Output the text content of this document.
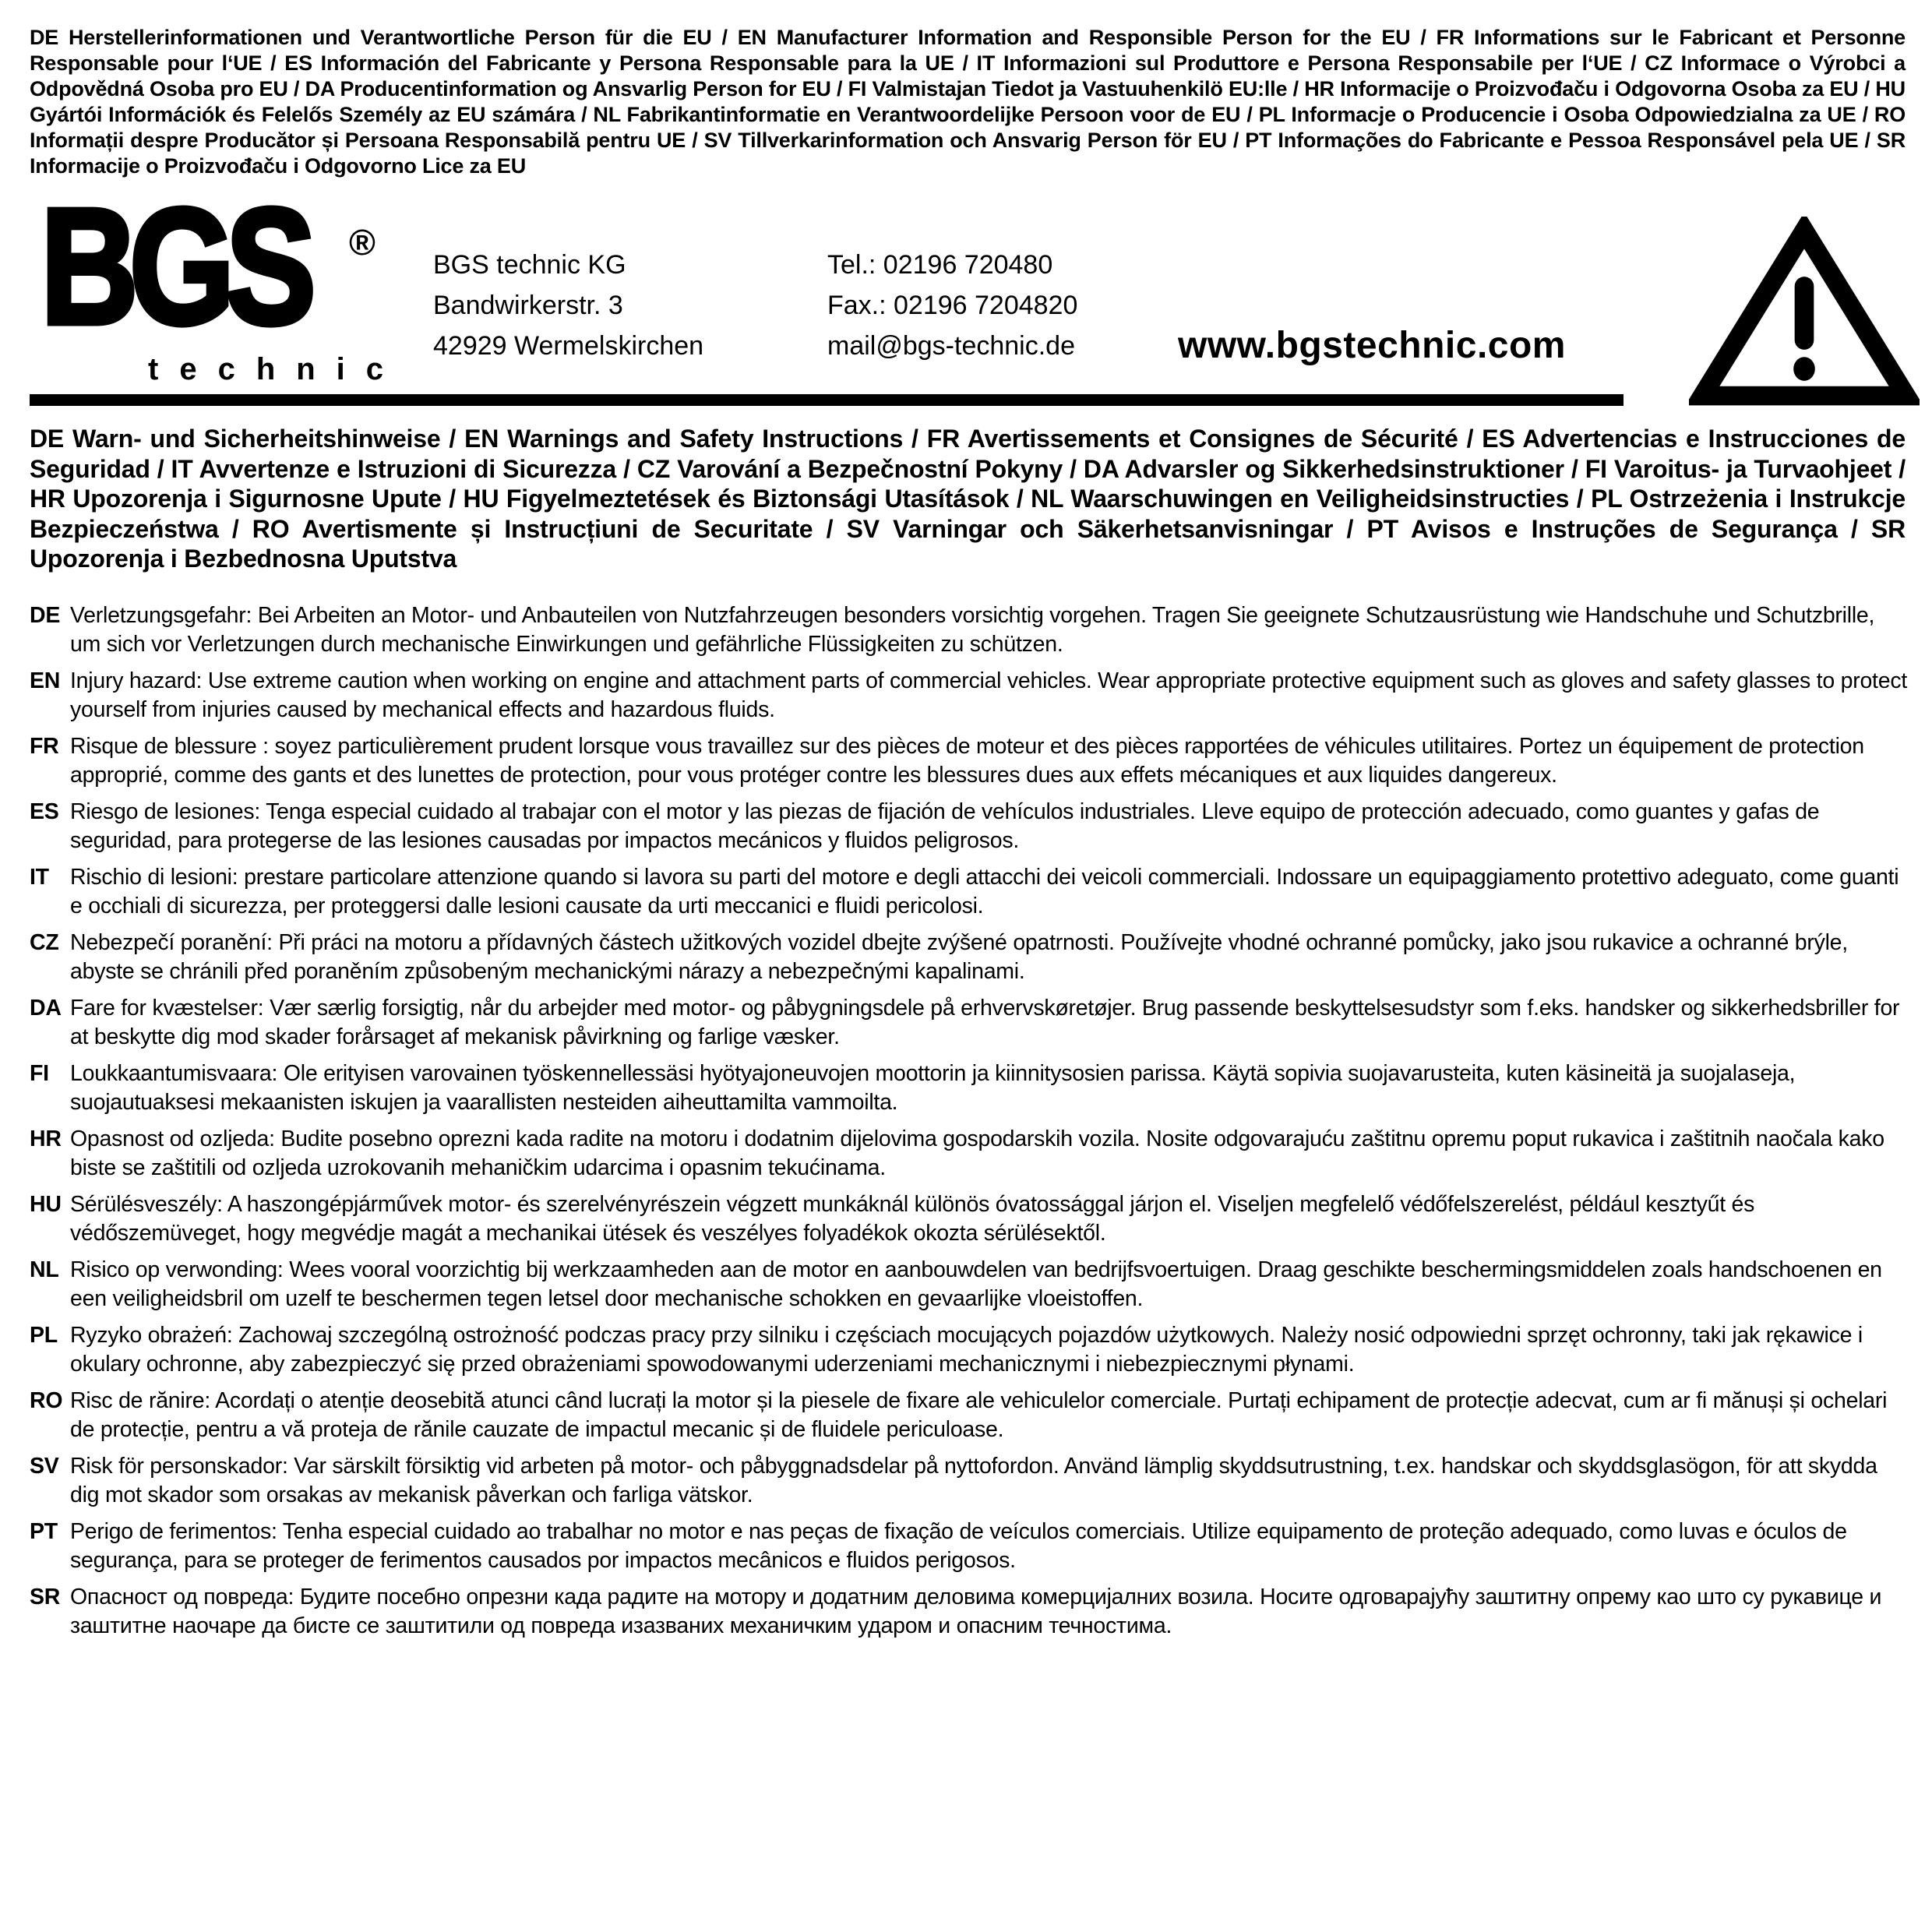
DE Herstellerinformationen und Verantwortliche Person für die EU / EN Manufacturer Information and Responsible Person for the EU / FR Informations sur le Fabricant et Personne Responsable pour l‘UE / ES Información del Fabricante y Persona Responsable para la UE / IT Informazioni sul Produttore e Persona Responsabile per l‘UE / CZ Informace o Výrobci a Odpovědná Osoba pro EU / DA Producentinformation og Ansvarlig Person for EU / FI Valmistajan Tiedot ja Vastuuhenkilö EU:lle / HR Informacije o Proizvođaču i Odgovorna Osoba za EU / HU Gyártói Információk és Felelős Személy az EU számára / NL Fabrikantinformatie en Verantwoordelijke Persoon voor de EU / PL Informacje o Producencie i Osoba Odpowiedzialna za UE / RO Informații despre Producător și Persoana Responsabilă pentru UE / SV Tillverkarinformation och Ansvarig Person för EU / PT Informações do Fabricante e Pessoa Responsável pela UE / SR Informacije o Proizvođaču i Odgovorno Lice za EU
BGS ®
technic
BGS technic KG
Bandwirkerstr. 3
42929 Wermelskirchen
Tel.: 02196 720480
Fax.: 02196 7204820
mail@bgs-technic.de	www.bgstechnic.com
DE Warn- und Sicherheitshinweise / EN Warnings and Safety Instructions / FR Avertissements et Consignes de Sécurité / ES Advertencias e Instrucciones de Seguridad / IT Avvertenze e Istruzioni di Sicurezza / CZ Varování a Bezpečnostní Pokyny / DA Advarsler og Sikkerhedsinstruktioner / FI Varoitus- ja Turvaohjeet / HR Upozorenja i Sigurnosne Upute / HU Figyelmeztetések és Biztonsági Utasítások / NL Waarschuwingen en Veiligheidsinstructies / PL Ostrzeżenia i Instrukcje Bezpieczeństwa / RO Avertismente și Instrucțiuni de Securitate / SV Varningar och Säkerhetsanvisningar / PT Avisos e Instruções de Segurança / SR Upozorenja i Bezbednosna Uputstva
DE Verletzungsgefahr: Bei Arbeiten an Motor- und Anbauteilen von Nutzfahrzeugen besonders vorsichtig vorgehen. Tragen Sie geeignete Schutzausrüstung wie Handschuhe und Schutzbrille, um sich vor Verletzungen durch mechanische Einwirkungen und gefährliche Flüssigkeiten zu schützen.
EN Injury hazard: Use extreme caution when working on engine and attachment parts of commercial vehicles. Wear appropriate protective equipment such as gloves and safety glasses to protect yourself from injuries caused by mechanical effects and hazardous fluids.
FR Risque de blessure : soyez particulièrement prudent lorsque vous travaillez sur des pièces de moteur et des pièces rapportées de véhicules utilitaires. Portez un équipement de protection approprié, comme des gants et des lunettes de protection, pour vous protéger contre les blessures dues aux effets mécaniques et aux liquides dangereux.
ES Riesgo de lesiones: Tenga especial cuidado al trabajar con el motor y las piezas de fijación de vehículos industriales. Lleve equipo de protección adecuado, como guantes y gafas de seguridad, para protegerse de las lesiones causadas por impactos mecánicos y fluidos peligrosos.
IT Rischio di lesioni: prestare particolare attenzione quando si lavora su parti del motore e degli attacchi dei veicoli commerciali. Indossare un equipaggiamento protettivo adeguato, come guanti e occhiali di sicurezza, per proteggersi dalle lesioni causate da urti meccanici e fluidi pericolosi.
CZ Nebezpečí poranění: Při práci na motoru a přídavných částech užitkových vozidel dbejte zvýšené opatrnosti. Používejte vhodné ochranné pomůcky, jako jsou rukavice a ochranné brýle, abyste se chránili před poraněním způsobeným mechanickými nárazy a nebezpečnými kapalinami.
DA Fare for kvæstelser: Vær særlig forsigtig, når du arbejder med motor- og påbygningsdele på erhvervskøretøjer. Brug passende beskyttelsesudstyr som f.eks. handsker og sikkerhedsbriller for at beskytte dig mod skader forårsaget af mekanisk påvirkning og farlige væsker.
FI Loukkaantumisvaara: Ole erityisen varovainen työskennellessäsi hyötyajoneuvojen moottorin ja kiinnitysosien parissa. Käytä sopivia suojavarusteita, kuten käsineitä ja suojalaseja, suojautuaksesi mekaanisten iskujen ja vaarallisten nesteiden aiheuttamilta vammoilta.
HR Opasnost od ozljeda: Budite posebno oprezni kada radite na motoru i dodatnim dijelovima gospodarskih vozila. Nosite odgovarajuću zaštitnu opremu poput rukavica i zaštitnih naočala kako biste se zaštitili od ozljeda uzrokovanih mehaničkim udarcima i opasnim tekućinama.
HU Sérülésveszély: A haszongépjárművek motor- és szerelvényrészein végzett munkáknál különös óvatossággal járjon el. Viseljen megfelelő védőfelszerelést, például kesztyűt és védőszemüveget, hogy megvédje magát a mechanikai ütések és veszélyes folyadékok okozta sérülésektől.
NL Risico op verwonding: Wees vooral voorzichtig bij werkzaamheden aan de motor en aanbouwdelen van bedrijfsvoertuigen. Draag geschikte beschermingsmiddelen zoals handschoenen en een veiligheidsbril om uzelf te beschermen tegen letsel door mechanische schokken en gevaarlijke vloeistoffen.
PL Ryzyko obrażeń: Zachowaj szczególną ostrożność podczas pracy przy silniku i częściach mocujących pojazdów użytkowych. Należy nosić odpowiedni sprzęt ochronny, taki jak rękawice i okulary ochronne, aby zabezpieczyć się przed obrażeniami spowodowanymi uderzeniami mechanicznymi i niebezpiecznymi płynami.
RO Risc de rănire: Acordați o atenție deosebită atunci când lucrați la motor și la piesele de fixare ale vehiculelor comerciale. Purtați echipament de protecție adecvat, cum ar fi mănuși și ochelari de protecție, pentru a vă proteja de rănile cauzate de impactul mecanic și de fluidele periculoase.
SV Risk för personskador: Var särskilt försiktig vid arbeten på motor- och påbyggnadsdelar på nyttofordon. Använd lämplig skyddsutrustning, t.ex. handskar och skyddsglasögon, för att skydda dig mot skador som orsakas av mekanisk påverkan och farliga vätskor.
PT Perigo de ferimentos: Tenha especial cuidado ao trabalhar no motor e nas peças de fixação de veículos comerciais. Utilize equipamento de proteção adequado, como luvas e óculos de segurança, para se proteger de ferimentos causados por impactos mecânicos e fluidos perigosos.
SR Опасност од повреда: Будите посебно опрезни када радите на мотору и додатним деловима комерцијалних возила. Носите одговарајућу заштитну опрему као што су рукавице и заштитне наочаре да бисте се заштитили од повреда изазваних механичким ударом и опасним течностима.
